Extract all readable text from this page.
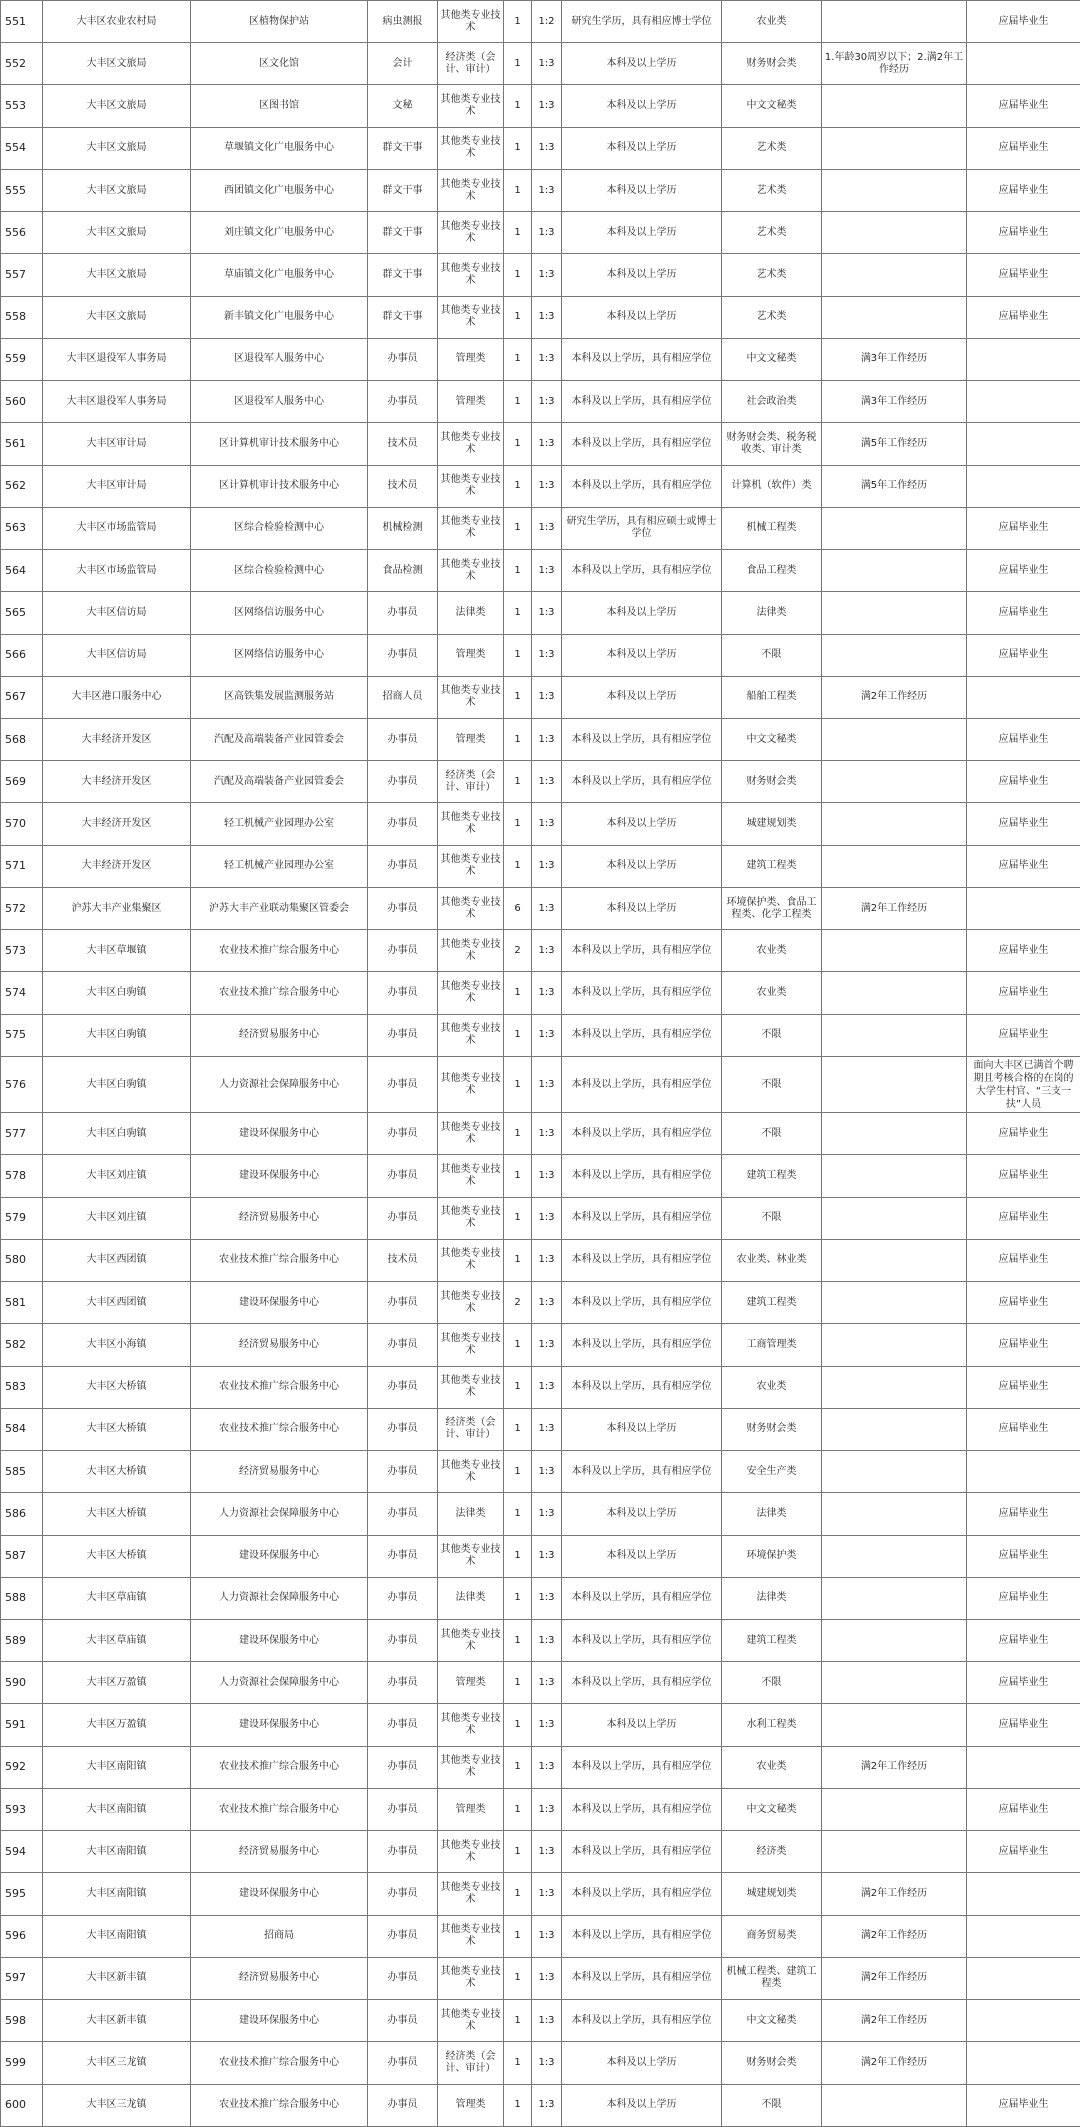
551	大丰区农业农村局	区植物保护站	病虫测报	其他类专业技术	1	1:2	研究生学历，具有相应博士学位	农业类		应届毕业生
552	大丰区文旅局	区文化馆	会计	经济类（会计、审计）	1	1:3	本科及以上学历	财务财会类	1.年龄30周岁以下；2.满2年工作经历	
553	大丰区文旅局	区图书馆	文秘	其他类专业技术	1	1:3	本科及以上学历	中文文秘类		应届毕业生
554	大丰区文旅局	草堰镇文化广电服务中心	群文干事	其他类专业技术	1	1:3	本科及以上学历	艺术类		应届毕业生
555	大丰区文旅局	西团镇文化广电服务中心	群文干事	其他类专业技术	1	1:3	本科及以上学历	艺术类		应届毕业生
556	大丰区文旅局	刘庄镇文化广电服务中心	群文干事	其他类专业技术	1	1:3	本科及以上学历	艺术类		应届毕业生
557	大丰区文旅局	草庙镇文化广电服务中心	群文干事	其他类专业技术	1	1:3	本科及以上学历	艺术类		应届毕业生
558	大丰区文旅局	新丰镇文化广电服务中心	群文干事	其他类专业技术	1	1:3	本科及以上学历	艺术类		应届毕业生
559	大丰区退役军人事务局	区退役军人服务中心	办事员	管理类	1	1:3	本科及以上学历，具有相应学位	中文文秘类	满3年工作经历	
560	大丰区退役军人事务局	区退役军人服务中心	办事员	管理类	1	1:3	本科及以上学历，具有相应学位	社会政治类	满3年工作经历	
561	大丰区审计局	区计算机审计技术服务中心	技术员	其他类专业技术	1	1:3	本科及以上学历，具有相应学位	财务财会类、税务税收类、审计类	满5年工作经历	
562	大丰区审计局	区计算机审计技术服务中心	技术员	其他类专业技术	1	1:3	本科及以上学历，具有相应学位	计算机（软件）类	满5年工作经历	
563	大丰区市场监管局	区综合检验检测中心	机械检测	其他类专业技术	1	1:3	研究生学历，具有相应硕士或博士学位	机械工程类		应届毕业生
564	大丰区市场监管局	区综合检验检测中心	食品检测	其他类专业技术	1	1:3	本科及以上学历，具有相应学位	食品工程类		应届毕业生
565	大丰区信访局	区网络信访服务中心	办事员	法律类	1	1:3	本科及以上学历	法律类		应届毕业生
566	大丰区信访局	区网络信访服务中心	办事员	管理类	1	1:3	本科及以上学历	不限		应届毕业生
567	大丰区港口服务中心	区高铁集发展监测服务站	招商人员	其他类专业技术	1	1:3	本科及以上学历	船舶工程类	满2年工作经历	
568	大丰经济开发区	汽配及高端装备产业园管委会	办事员	管理类	1	1:3	本科及以上学历，具有相应学位	中文文秘类		应届毕业生
569	大丰经济开发区	汽配及高端装备产业园管委会	办事员	经济类（会计、审计）	1	1:3	本科及以上学历，具有相应学位	财务财会类		应届毕业生
570	大丰经济开发区	轻工机械产业园理办公室	办事员	其他类专业技术	1	1:3	本科及以上学历	城建规划类		应届毕业生
571	大丰经济开发区	轻工机械产业园理办公室	办事员	其他类专业技术	1	1:3	本科及以上学历	建筑工程类		应届毕业生
572	沪苏大丰产业集聚区	沪苏大丰产业联动集聚区管委会	办事员	其他类专业技术	6	1:3	本科及以上学历	环境保护类、食品工程类、化学工程类	满2年工作经历	
573	大丰区草堰镇	农业技术推广综合服务中心	办事员	其他类专业技术	2	1:3	本科及以上学历，具有相应学位	农业类		应届毕业生
574	大丰区白驹镇	农业技术推广综合服务中心	办事员	其他类专业技术	1	1:3	本科及以上学历，具有相应学位	农业类		应届毕业生
575	大丰区白驹镇	经济贸易服务中心	办事员	其他类专业技术	1	1:3	本科及以上学历，具有相应学位	不限		应届毕业生
576	大丰区白驹镇	人力资源社会保障服务中心	办事员	其他类专业技术	1	1:3	本科及以上学历，具有相应学位	不限		面向大丰区已满首个聘期且考核合格的在岗的大学生村官、“三支一扶”人员
577	大丰区白驹镇	建设环保服务中心	办事员	其他类专业技术	1	1:3	本科及以上学历，具有相应学位	不限		应届毕业生
578	大丰区刘庄镇	建设环保服务中心	办事员	其他类专业技术	1	1:3	本科及以上学历，具有相应学位	建筑工程类		应届毕业生
579	大丰区刘庄镇	经济贸易服务中心	办事员	其他类专业技术	1	1:3	本科及以上学历，具有相应学位	不限		应届毕业生
580	大丰区西团镇	农业技术推广综合服务中心	技术员	其他类专业技术	1	1:3	本科及以上学历，具有相应学位	农业类、林业类		应届毕业生
581	大丰区西团镇	建设环保服务中心	办事员	其他类专业技术	2	1:3	本科及以上学历，具有相应学位	建筑工程类		应届毕业生
582	大丰区小海镇	经济贸易服务中心	办事员	其他类专业技术	1	1:3	本科及以上学历，具有相应学位	工商管理类		应届毕业生
583	大丰区大桥镇	农业技术推广综合服务中心	办事员	其他类专业技术	1	1:3	本科及以上学历，具有相应学位	农业类		应届毕业生
584	大丰区大桥镇	农业技术推广综合服务中心	办事员	经济类（会计、审计）	1	1:3	本科及以上学历	财务财会类		应届毕业生
585	大丰区大桥镇	经济贸易服务中心	办事员	其他类专业技术	1	1:3	本科及以上学历，具有相应学位	安全生产类		
586	大丰区大桥镇	人力资源社会保障服务中心	办事员	法律类	1	1:3	本科及以上学历	法律类		应届毕业生
587	大丰区大桥镇	建设环保服务中心	办事员	其他类专业技术	1	1:3	本科及以上学历	环境保护类		应届毕业生
588	大丰区草庙镇	人力资源社会保障服务中心	办事员	法律类	1	1:3	本科及以上学历，具有相应学位	法律类		应届毕业生
589	大丰区草庙镇	建设环保服务中心	办事员	其他类专业技术	1	1:3	本科及以上学历，具有相应学位	建筑工程类		应届毕业生
590	大丰区万盈镇	人力资源社会保障服务中心	办事员	管理类	1	1:3	本科及以上学历，具有相应学位	不限		应届毕业生
591	大丰区万盈镇	建设环保服务中心	办事员	其他类专业技术	1	1:3	本科及以上学历	水利工程类		应届毕业生
592	大丰区南阳镇	农业技术推广综合服务中心	办事员	其他类专业技术	1	1:3	本科及以上学历，具有相应学位	农业类	满2年工作经历	
593	大丰区南阳镇	农业技术推广综合服务中心	办事员	管理类	1	1:3	本科及以上学历，具有相应学位	中文文秘类		应届毕业生
594	大丰区南阳镇	经济贸易服务中心	办事员	其他类专业技术	1	1:3	本科及以上学历，具有相应学位	经济类		应届毕业生
595	大丰区南阳镇	建设环保服务中心	办事员	其他类专业技术	1	1:3	本科及以上学历，具有相应学位	城建规划类	满2年工作经历	
596	大丰区南阳镇	招商局	办事员	其他类专业技术	1	1:3	本科及以上学历，具有相应学位	商务贸易类	满2年工作经历	
597	大丰区新丰镇	经济贸易服务中心	办事员	其他类专业技术	1	1:3	本科及以上学历，具有相应学位	机械工程类、建筑工程类	满2年工作经历	
598	大丰区新丰镇	建设环保服务中心	办事员	其他类专业技术	1	1:3	本科及以上学历，具有相应学位	中文文秘类	满2年工作经历	
599	大丰区三龙镇	农业技术推广综合服务中心	办事员	经济类（会计、审计）	1	1:3	本科及以上学历	财务财会类	满2年工作经历	
600	大丰区三龙镇	农业技术推广综合服务中心	办事员	管理类	1	1:3	本科及以上学历	不限		应届毕业生
